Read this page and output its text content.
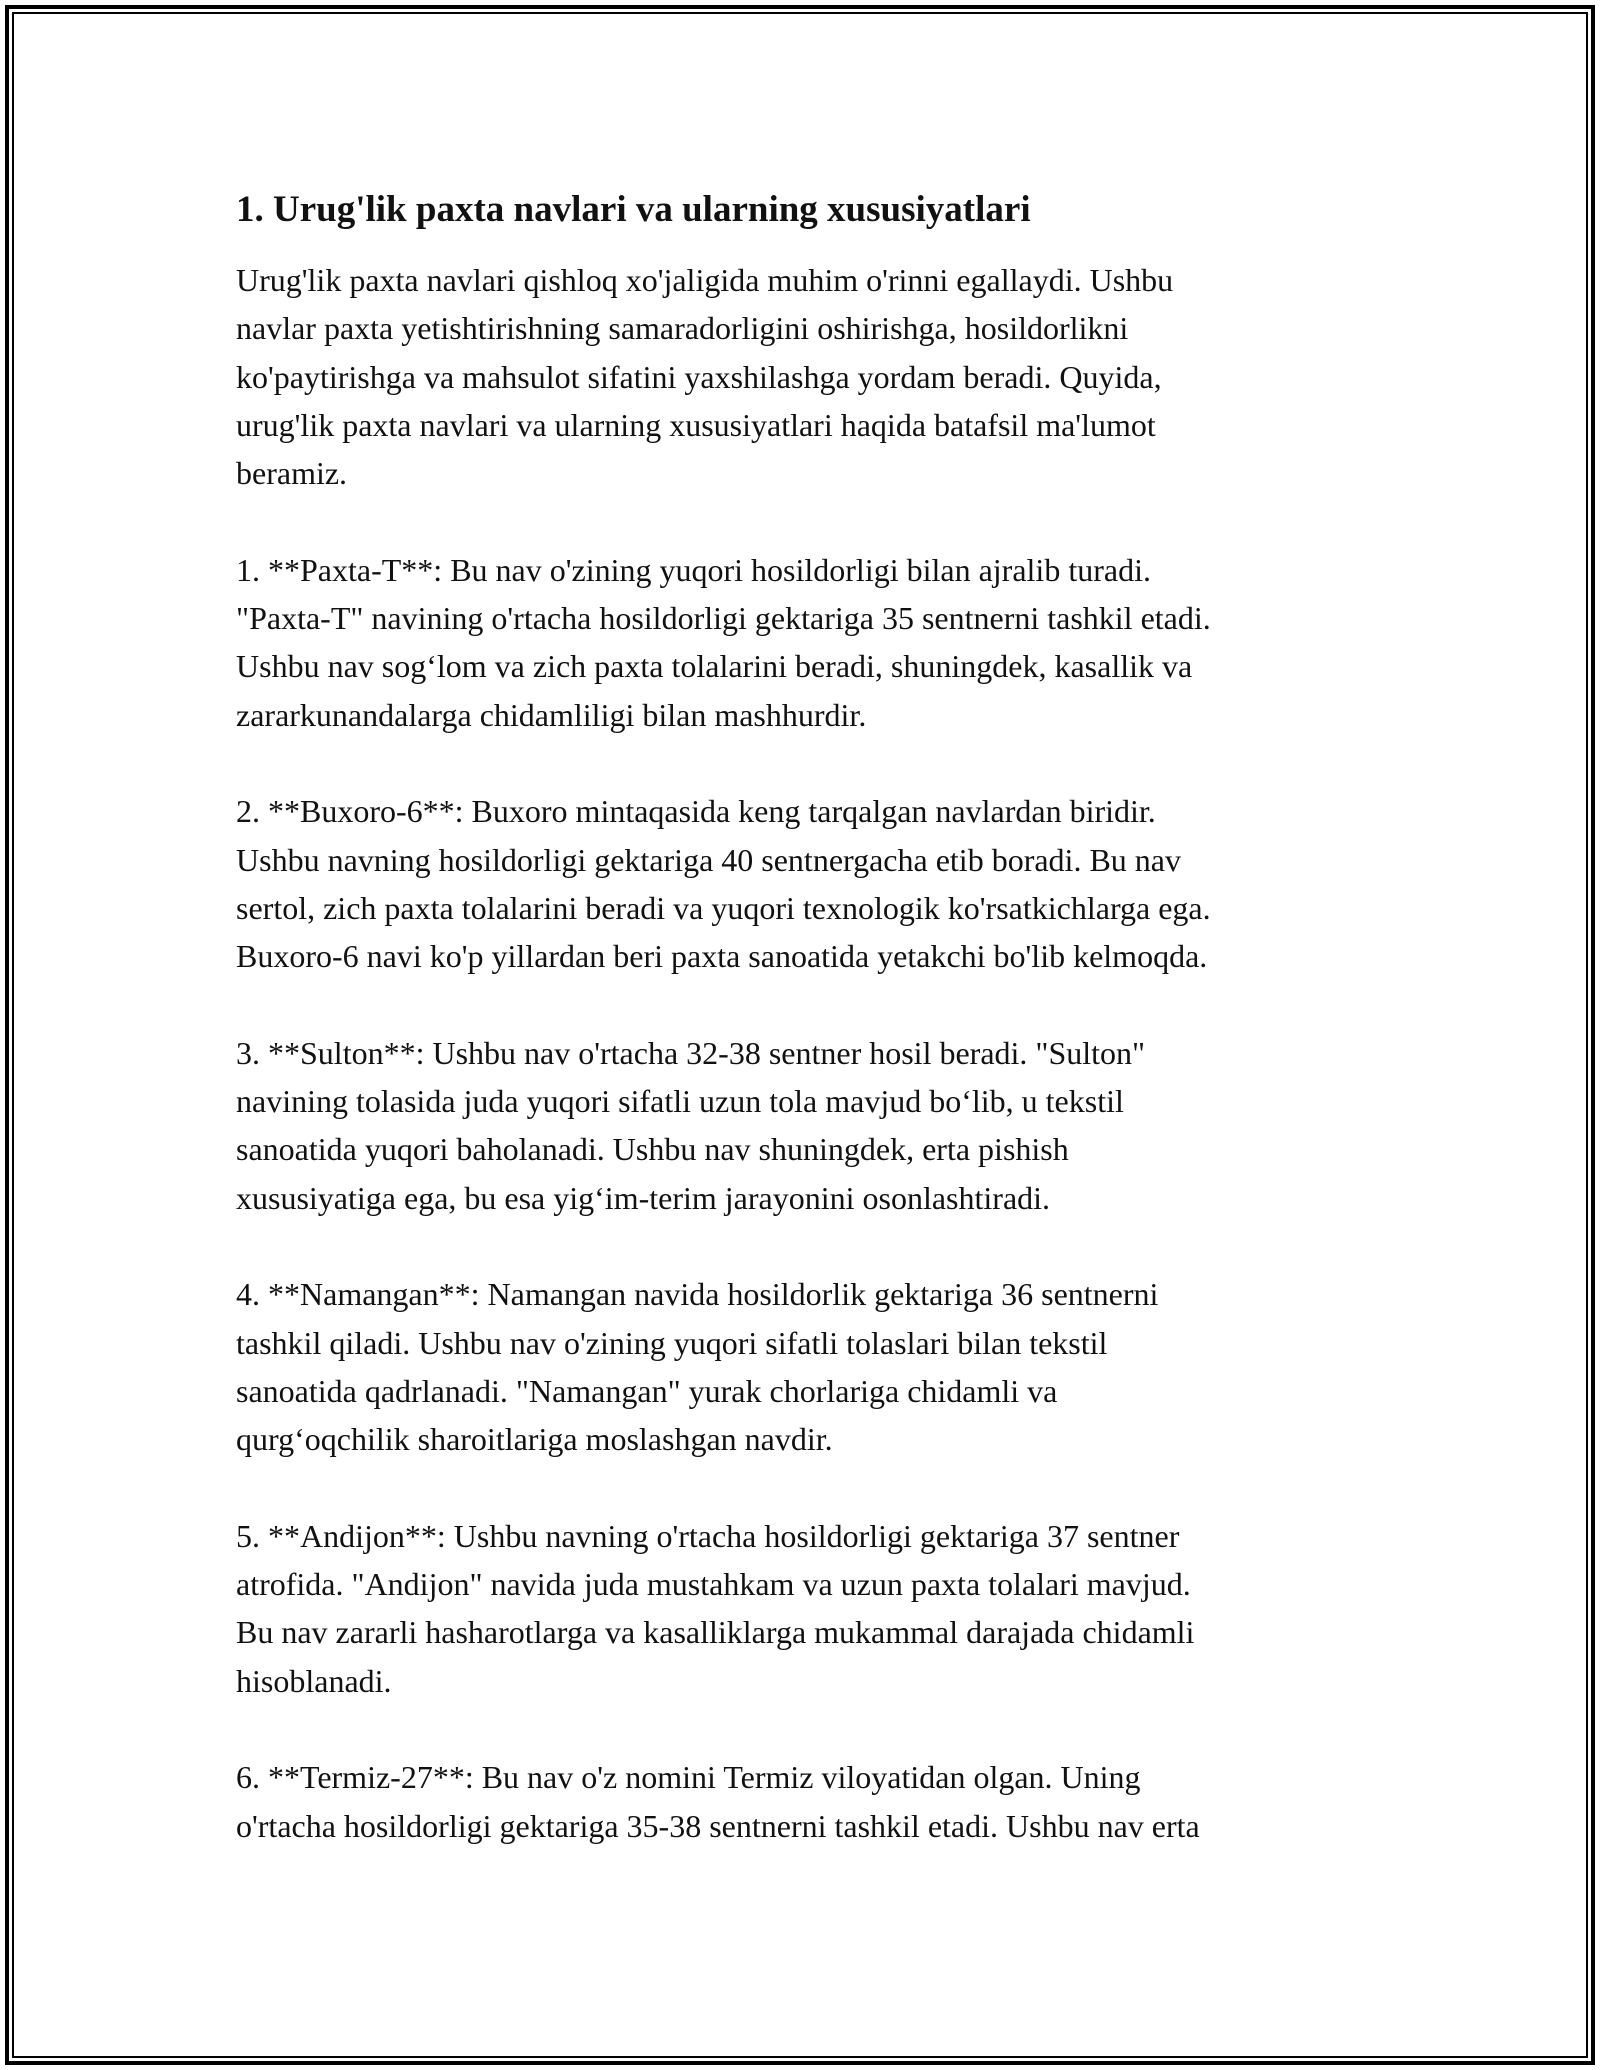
1. Urug'lik paxta navlari va ularning xususiyatlari

Urug'lik paxta navlari qishloq xo'jaligida muhim o'rinni egallaydi. Ushbu
navlar paxta yetishtirishning samaradorligini oshirishga, hosildorlikni
ko'paytirishga va mahsulot sifatini yaxshilashga yordam beradi. Quyida,
urug'lik paxta navlari va ularning xususiyatlari haqida batafsil ma'lumot
beramiz.

1. **Paxta-T**: Bu nav o'zining yuqori hosildorligi bilan ajralib turadi.
"Paxta-T" navining o'rtacha hosildorligi gektariga 35 sentnerni tashkil etadi.
Ushbu nav sog‘lom va zich paxta tolalarini beradi, shuningdek, kasallik va
zararkunandalarga chidamliligi bilan mashhurdir.

2. **Buxoro-6**: Buxoro mintaqasida keng tarqalgan navlardan biridir.
Ushbu navning hosildorligi gektariga 40 sentnergacha etib boradi. Bu nav
sertol, zich paxta tolalarini beradi va yuqori texnologik ko'rsatkichlarga ega.
Buxoro-6 navi ko'p yillardan beri paxta sanoatida yetakchi bo'lib kelmoqda.

3. **Sulton**: Ushbu nav o'rtacha 32-38 sentner hosil beradi. "Sulton"
navining tolasida juda yuqori sifatli uzun tola mavjud bo‘lib, u tekstil
sanoatida yuqori baholanadi. Ushbu nav shuningdek, erta pishish
xususiyatiga ega, bu esa yig‘im-terim jarayonini osonlashtiradi.

4. **Namangan**: Namangan navida hosildorlik gektariga 36 sentnerni
tashkil qiladi. Ushbu nav o'zining yuqori sifatli tolaslari bilan tekstil
sanoatida qadrlanadi. "Namangan" yurak chorlariga chidamli va
qurg‘oqchilik sharoitlariga moslashgan navdir.

5. **Andijon**: Ushbu navning o'rtacha hosildorligi gektariga 37 sentner
atrofida. "Andijon" navida juda mustahkam va uzun paxta tolalari mavjud.
Bu nav zararli hasharotlarga va kasalliklarga mukammal darajada chidamli
hisoblanadi.

6. **Termiz-27**: Bu nav o'z nomini Termiz viloyatidan olgan. Uning
o'rtacha hosildorligi gektariga 35-38 sentnerni tashkil etadi. Ushbu nav erta
